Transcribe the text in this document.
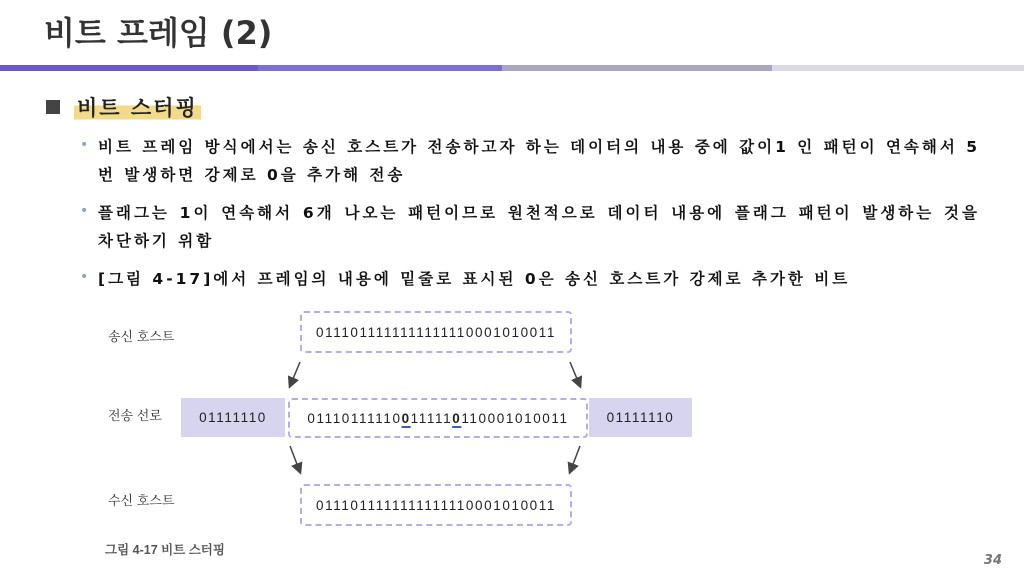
비트 프레임 (2)
비트 스터핑
• 비트 프레임 방식에서는 송신 호스트가 전송하고자 하는 데이터의 내용 중에 값이1 인 패턴이 연속해서 5번 발생하면 강제로 0을 추가해 전송
• 플래그는 1이 연속해서 6개 나오는 패턴이므로 원천적으로 데이터 내용에 플래그 패턴이 발생하는 것을 차단하기 위함
• [그림 4-17]에서 프레임의 내용에 밑줄로 표시된 0은 송신 호스트가 강제로 추가한 비트
송신 호스트	0111011111111111110001010011
전송 선로	01111110	01110111110 0 11111 0 110001010011	01111110
수신 호스트	0111011111111111110001010011
그림 4-17 비트 스터핑
34
